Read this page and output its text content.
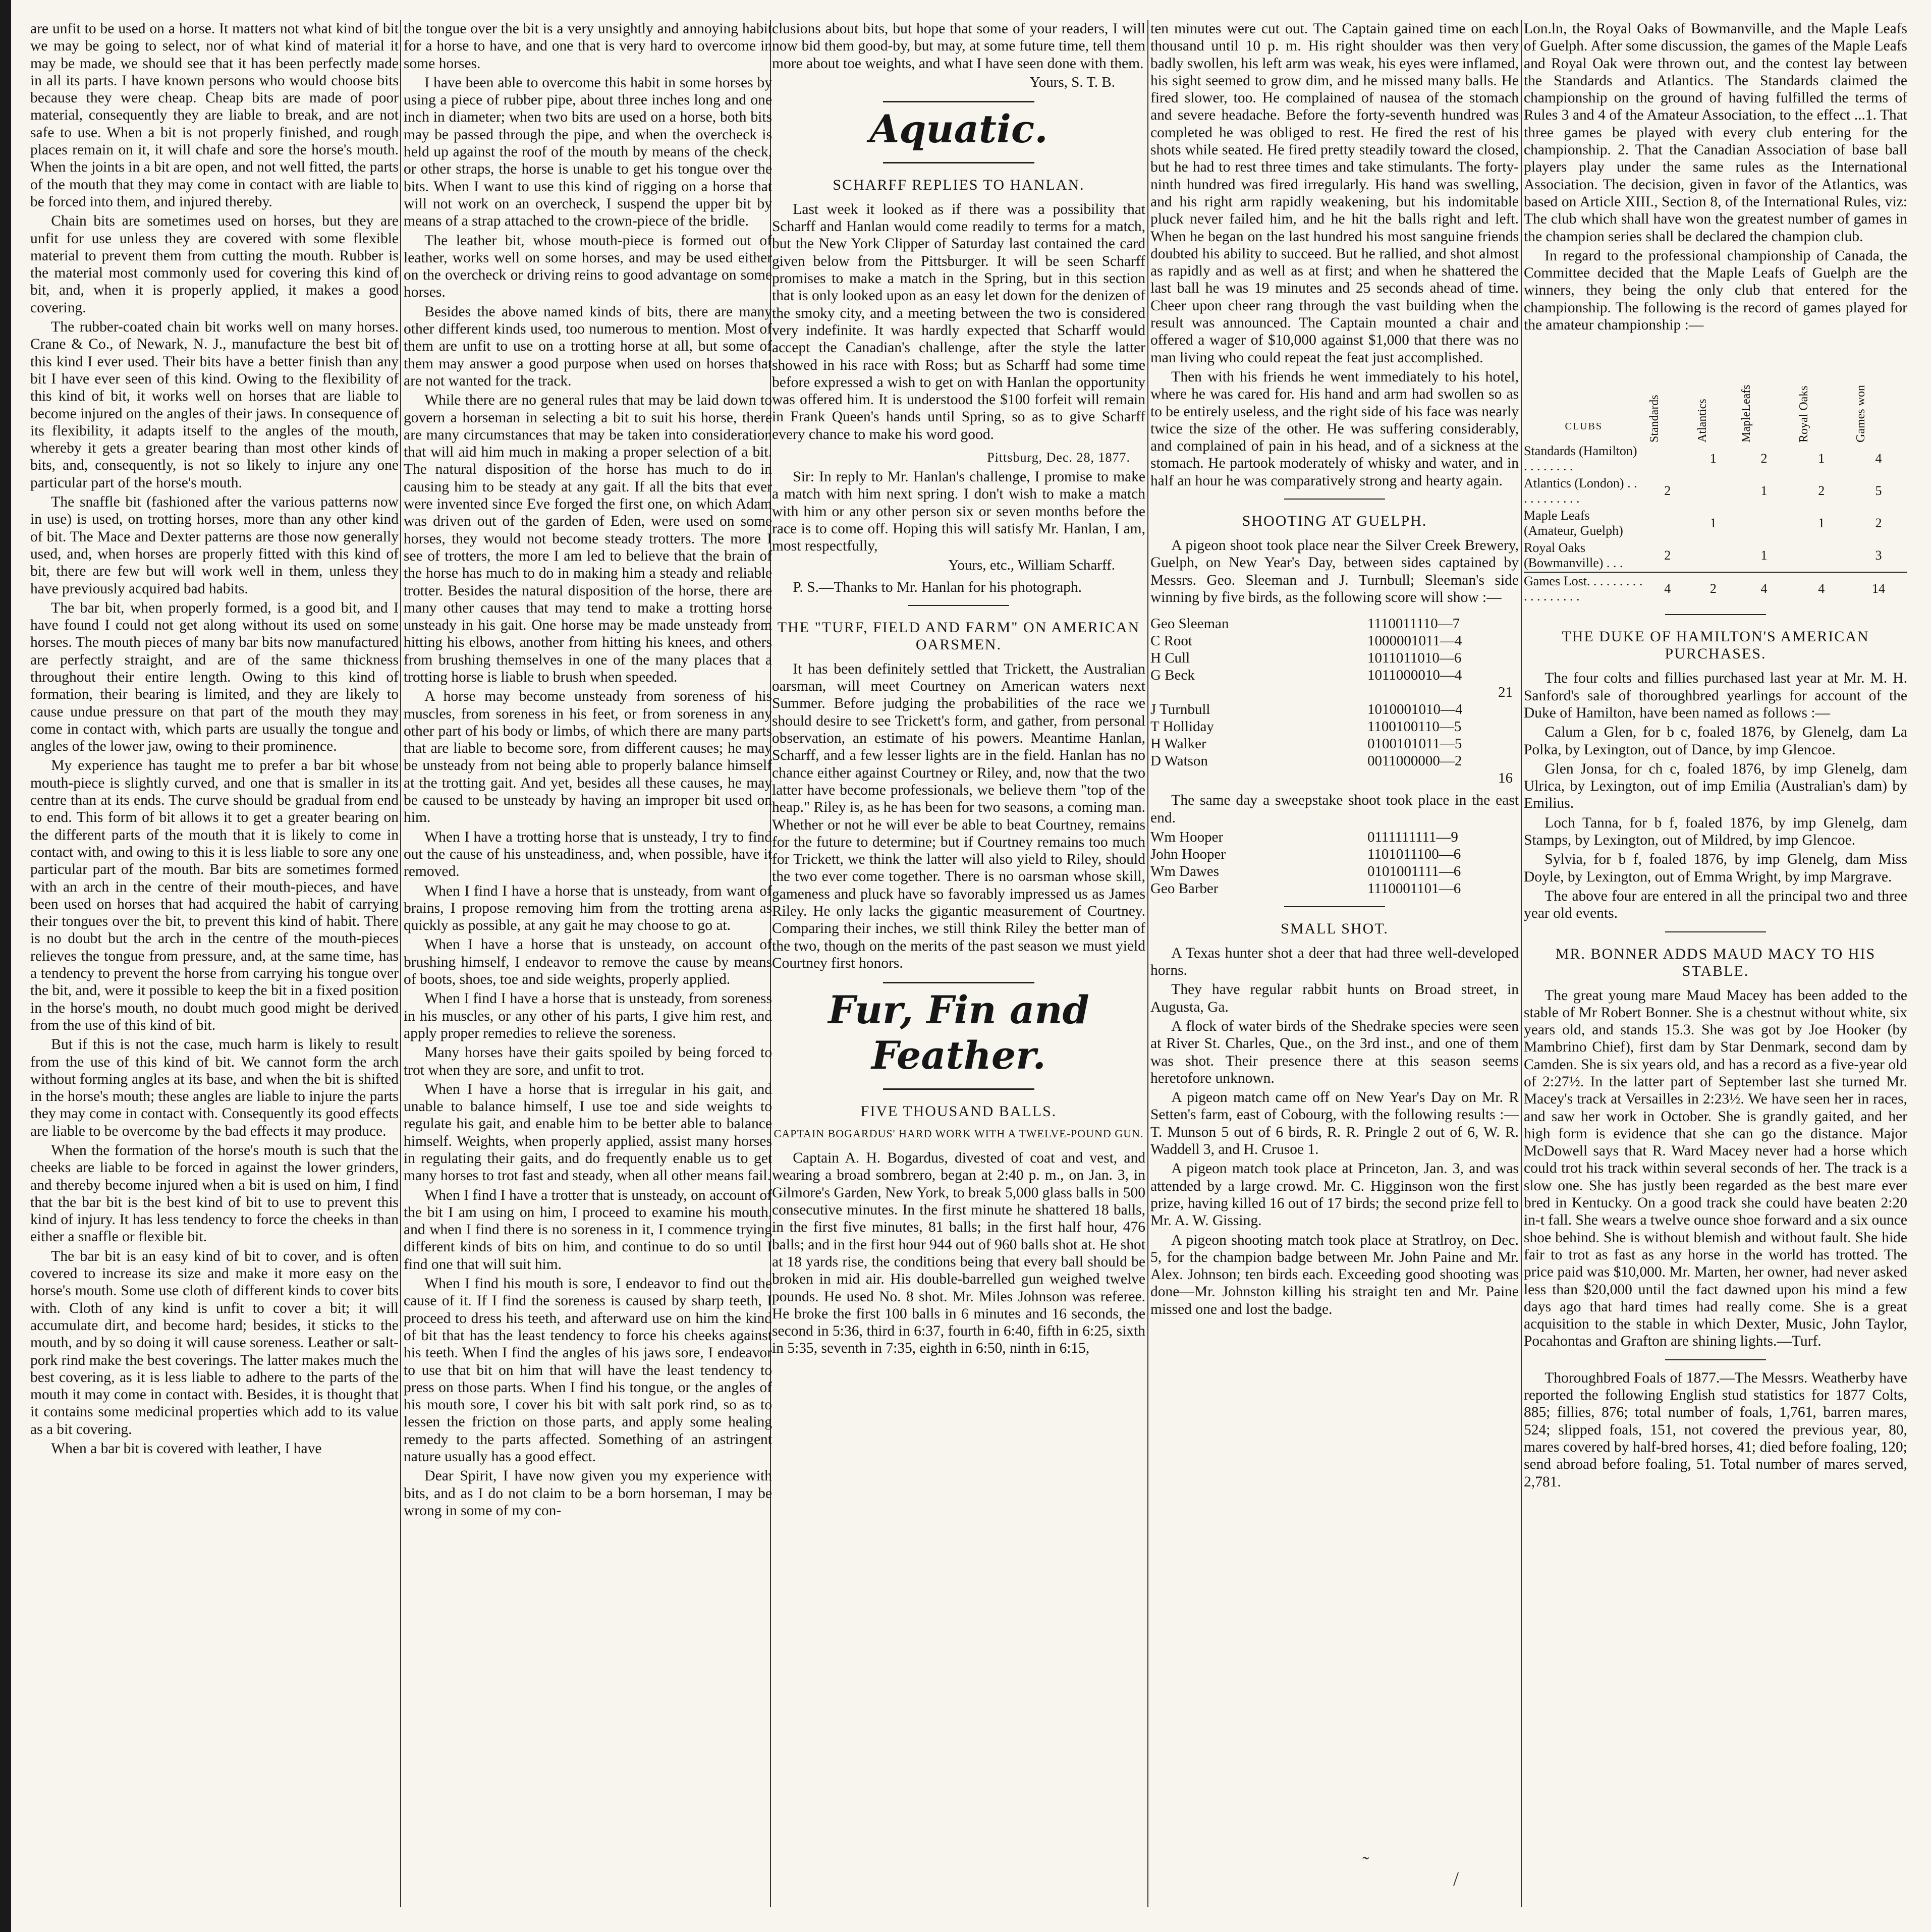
are unfit to be used on a horse. It matters not what kind of bit we may be going to select, nor of what kind of material it may be made, we should see that it has been perfectly made in all its parts. I have known persons who would choose bits because they were cheap. Cheap bits are made of poor material, consequently they are liable to break, and are not safe to use. When a bit is not properly finished, and rough places remain on it, it will chafe and sore the horse's mouth. When the joints in a bit are open, and not well fitted, the parts of the mouth that they may come in contact with are liable to be forced into them, and injured thereby.

Chain bits are sometimes used on horses, but they are unfit for use unless they are covered with some flexible material to prevent them from cutting the mouth. Rubber is the material most commonly used for covering this kind of bit, and, when it is properly applied, it makes a good covering.

The rubber-coated chain bit works well on many horses. Crane & Co., of Newark, N. J., manufacture the best bit of this kind I ever used. Their bits have a better finish than any bit I have ever seen of this kind. Owing to the flexibility of this kind of bit, it works well on horses that are liable to become injured on the angles of their jaws. In consequence of its flexibility, it adapts itself to the angles of the mouth, whereby it gets a greater bearing than most other kinds of bits, and, consequently, is not so likely to injure any one particular part of the horse's mouth.

The snaffle bit (fashioned after the various patterns now in use) is used, on trotting horses, more than any other kind of bit. The Mace and Dexter patterns are those now generally used, and, when horses are properly fitted with this kind of bit, there are few but will work well in them, unless they have previously acquired bad habits.

The bar bit, when properly formed, is a good bit, and I have found I could not get along without its used on some horses. The mouth pieces of many bar bits now manufactured are perfectly straight, and are of the same thickness throughout their entire length. Owing to this kind of formation, their bearing is limited, and they are likely to cause undue pressure on that part of the mouth they may come in contact with, which parts are usually the tongue and angles of the lower jaw, owing to their prominence.

My experience has taught me to prefer a bar bit whose mouth-piece is slightly curved, and one that is smaller in its centre than at its ends. The curve should be gradual from end to end. This form of bit allows it to get a greater bearing on the different parts of the mouth that it is likely to come in contact with, and owing to this it is less liable to sore any one particular part of the mouth. Bar bits are sometimes formed with an arch in the centre of their mouth-pieces, and have been used on horses that had acquired the habit of carrying their tongues over the bit, to prevent this kind of habit. There is no doubt but the arch in the centre of the mouth-pieces relieves the tongue from pressure, and, at the same time, has a tendency to prevent the horse from carrying his tongue over the bit, and, were it possible to keep the bit in a fixed position in the horse's mouth, no doubt much good might be derived from the use of this kind of bit.

But if this is not the case, much harm is likely to result from the use of this kind of bit. We cannot form the arch without forming angles at its base, and when the bit is shifted in the horse's mouth; these angles are liable to injure the parts they may come in contact with. Consequently its good effects are liable to be overcome by the bad effects it may produce.

When the formation of the horse's mouth is such that the cheeks are liable to be forced in against the lower grinders, and thereby become injured when a bit is used on him, I find that the bar bit is the best kind of bit to use to prevent this kind of injury. It has less tendency to force the cheeks in than either a snaffle or flexible bit.

The bar bit is an easy kind of bit to cover, and is often covered to increase its size and make it more easy on the horse's mouth. Some use cloth of different kinds to cover bits with. Cloth of any kind is unfit to cover a bit; it will accumulate dirt, and become hard; besides, it sticks to the mouth, and by so doing it will cause soreness. Leather or salt-pork rind make the best coverings. The latter makes much the best covering, as it is less liable to adhere to the parts of the mouth it may come in contact with. Besides, it is thought that it contains some medicinal properties which add to its value as a bit covering.

When a bar bit is covered with leather, I have

the tongue over the bit is a very unsightly and annoying habit for a horse to have, and one that is very hard to overcome in some horses.

I have been able to overcome this habit in some horses by using a piece of rubber pipe, about three inches long and one inch in diameter; when two bits are used on a horse, both bits may be passed through the pipe, and when the overcheck is held up against the roof of the mouth by means of the check, or other straps, the horse is unable to get his tongue over the bits. When I want to use this kind of rigging on a horse that will not work on an overcheck, I suspend the upper bit by means of a strap attached to the crown-piece of the bridle.

The leather bit, whose mouth-piece is formed out of leather, works well on some horses, and may be used either on the overcheck or driving reins to good advantage on some horses.

Besides the above named kinds of bits, there are many other different kinds used, too numerous to mention. Most of them are unfit to use on a trotting horse at all, but some of them may answer a good purpose when used on horses that are not wanted for the track.

While there are no general rules that may be laid down to govern a horseman in selecting a bit to suit his horse, there are many circumstances that may be taken into consideration that will aid him much in making a proper selection of a bit. The natural disposition of the horse has much to do in causing him to be steady at any gait. If all the bits that ever were invented since Eve forged the first one, on which Adam was driven out of the garden of Eden, were used on some horses, they would not become steady trotters. The more I see of trotters, the more I am led to believe that the brain of the horse has much to do in making him a steady and reliable trotter. Besides the natural disposition of the horse, there are many other causes that may tend to make a trotting horse unsteady in his gait. One horse may be made unsteady from hitting his elbows, another from hitting his knees, and others from brushing themselves in one of the many places that a trotting horse is liable to brush when speeded.

A horse may become unsteady from soreness of his muscles, from soreness in his feet, or from soreness in any other part of his body or limbs, of which there are many parts that are liable to become sore, from different causes; he may be unsteady from not being able to properly balance himself at the trotting gait. And yet, besides all these causes, he may be caused to be unsteady by having an improper bit used on him.

When I have a trotting horse that is unsteady, I try to find out the cause of his unsteadiness, and, when possible, have it removed.

When I find I have a horse that is unsteady, from want of brains, I propose removing him from the trotting arena as quickly as possible, at any gait he may choose to go at.

When I have a horse that is unsteady, on account of brushing himself, I endeavor to remove the cause by means of boots, shoes, toe and side weights, properly applied.

When I find I have a horse that is unsteady, from soreness in his muscles, or any other of his parts, I give him rest, and apply proper remedies to relieve the soreness.

Many horses have their gaits spoiled by being forced to trot when they are sore, and unfit to trot.

When I have a horse that is irregular in his gait, and unable to balance himself, I use toe and side weights to regulate his gait, and enable him to be better able to balance himself. Weights, when properly applied, assist many horses in regulating their gaits, and do frequently enable us to get many horses to trot fast and steady, when all other means fail.

When I find I have a trotter that is unsteady, on account of the bit I am using on him, I proceed to examine his mouth, and when I find there is no soreness in it, I commence trying different kinds of bits on him, and continue to do so until I find one that will suit him.

When I find his mouth is sore, I endeavor to find out the cause of it. If I find the soreness is caused by sharp teeth, I proceed to dress his teeth, and afterward use on him the kind of bit that has the least tendency to force his cheeks against his teeth. When I find the angles of his jaws sore, I endeavor to use that bit on him that will have the least tendency to press on those parts. When I find his tongue, or the angles of his mouth sore, I cover his bit with salt pork rind, so as to lessen the friction on those parts, and apply some healing remedy to the parts affected. Something of an astringent nature usually has a good effect.

Dear Spirit, I have now given you my experience with bits, and as I do not claim to be a born horseman, I may be wrong in some of my con-

clusions about bits, but hope that some of your readers, I will now bid them good-by, but may, at some future time, tell them more about toe weights, and what I have seen done with them.

Yours, S. T. B.
Aquatic.
SCHARFF REPLIES TO HANLAN.

Last week it looked as if there was a possibility that Scharff and Hanlan would come readily to terms for a match, but the New York Clipper of Saturday last contained the card given below from the Pittsburger. It will be seen Scharff promises to make a match in the Spring, but in this section that is only looked upon as an easy let down for the denizen of the smoky city, and a meeting between the two is considered very indefinite. It was hardly expected that Scharff would accept the Canadian's challenge, after the style the latter showed in his race with Ross; but as Scharff had some time before expressed a wish to get on with Hanlan the opportunity was offered him. It is understood the $100 forfeit will remain in Frank Queen's hands until Spring, so as to give Scharff every chance to make his word good.

Pittsburg, Dec. 28, 1877.

Sir: In reply to Mr. Hanlan's challenge, I promise to make a match with him next spring. I don't wish to make a match with him or any other person six or seven months before the race is to come off. Hoping this will satisfy Mr. Hanlan, I am, most respectfully,

Yours, etc., William Scharff.

P. S.—Thanks to Mr. Hanlan for his photograph.

THE "TURF, FIELD AND FARM" ON AMERICAN OARSMEN.

It has been definitely settled that Trickett, the Australian oarsman, will meet Courtney on American waters next Summer. Before judging the probabilities of the race we should desire to see Trickett's form, and gather, from personal observation, an estimate of his powers. Meantime Hanlan, Scharff, and a few lesser lights are in the field. Hanlan has no chance either against Courtney or Riley, and, now that the two latter have become professionals, we believe them "top of the heap." Riley is, as he has been for two seasons, a coming man. Whether or not he will ever be able to beat Courtney, remains for the future to determine; but if Courtney remains too much for Trickett, we think the latter will also yield to Riley, should the two ever come together. There is no oarsman whose skill, gameness and pluck have so favorably impressed us as James Riley. He only lacks the gigantic measurement of Courtney. Comparing their inches, we still think Riley the better man of the two, though on the merits of the past season we must yield Courtney first honors.

Fur, Fin and Feather.
FIVE THOUSAND BALLS.
CAPTAIN BOGARDUS' HARD WORK WITH A TWELVE-POUND GUN.

Captain A. H. Bogardus, divested of coat and vest, and wearing a broad sombrero, began at 2:40 p. m., on Jan. 3, in Gilmore's Garden, New York, to break 5,000 glass balls in 500 consecutive minutes. In the first minute he shattered 18 balls, in the first five minutes, 81 balls; in the first half hour, 476 balls; and in the first hour 944 out of 960 balls shot at. He shot at 18 yards rise, the conditions being that every ball should be broken in mid air. His double-barrelled gun weighed twelve pounds. He used No. 8 shot. Mr. Miles Johnson was referee. He broke the first 100 balls in 6 minutes and 16 seconds, the second in 5:36, third in 6:37, fourth in 6:40, fifth in 6:25, sixth in 5:35, seventh in 7:35, eighth in 6:50, ninth in 6:15,

ten minutes were cut out. The Captain gained time on each thousand until 10 p. m. His right shoulder was then very badly swollen, his left arm was weak, his eyes were inflamed, his sight seemed to grow dim, and he missed many balls. He fired slower, too. He complained of nausea of the stomach and severe headache. Before the forty-seventh hundred was completed he was obliged to rest. He fired the rest of his shots while seated. He fired pretty steadily toward the closed, but he had to rest three times and take stimulants. The forty-ninth hundred was fired irregularly. His hand was swelling, and his right arm rapidly weakening, but his indomitable pluck never failed him, and he hit the balls right and left. When he began on the last hundred his most sanguine friends doubted his ability to succeed. But he rallied, and shot almost as rapidly and as well as at first; and when he shattered the last ball he was 19 minutes and 25 seconds ahead of time. Cheer upon cheer rang through the vast building when the result was announced. The Captain mounted a chair and offered a wager of $10,000 against $1,000 that there was no man living who could repeat the feat just accomplished.

Then with his friends he went immediately to his hotel, where he was cared for. His hand and arm had swollen so as to be entirely useless, and the right side of his face was nearly twice the size of the other. He was suffering considerably, and complained of pain in his head, and of a sickness at the stomach. He partook moderately of whisky and water, and in half an hour he was comparatively strong and hearty again.

SHOOTING AT GUELPH.

A pigeon shoot took place near the Silver Creek Brewery, Guelph, on New Year's Day, between sides captained by Messrs. Geo. Sleeman and J. Turnbull; Sleeman's side winning by five birds, as the following score will show :—

Geo Sleeman	1110011110—7
C Root	1000001011—4
H Cull	1011011010—6
G Beck	1011000010—4
21
J Turnbull	1010001010—4
T Holliday	1100100110—5
H Walker	0100101011—5
D Watson	0011000000—2
16

The same day a sweepstake shoot took place in the east end.

Wm Hooper	0111111111—9
John Hooper	1101011100—6
Wm Dawes	0101001111—6
Geo Barber	1110001101—6
SMALL SHOT.

A Texas hunter shot a deer that had three well-developed horns.

They have regular rabbit hunts on Broad street, in Augusta, Ga.

A flock of water birds of the Shedrake species were seen at River St. Charles, Que., on the 3rd inst., and one of them was shot. Their presence there at this season seems heretofore unknown.

A pigeon match came off on New Year's Day on Mr. R Setten's farm, east of Cobourg, with the following results :—T. Munson 5 out of 6 birds, R. R. Pringle 2 out of 6, W. R. Waddell 3, and H. Crusoe 1.

A pigeon match took place at Princeton, Jan. 3, and was attended by a large crowd. Mr. C. Higginson won the first prize, having killed 16 out of 17 birds; the second prize fell to Mr. A. W. Gissing.

A pigeon shooting match took place at Stratlroy, on Dec. 5, for the champion badge between Mr. John Paine and Mr. Alex. Johnson; ten birds each. Exceeding good shooting was done—Mr. Johnston killing his straight ten and Mr. Paine missed one and lost the badge.

Lon.ln, the Royal Oaks of Bowmanville, and the Maple Leafs of Guelph. After some discussion, the games of the Maple Leafs and Royal Oak were thrown out, and the contest lay between the Standards and Atlantics. The Standards claimed the championship on the ground of having fulfilled the terms of Rules 3 and 4 of the Amateur Association, to the effect ...1. That three games be played with every club entering for the championship. 2. That the Canadian Association of base ball players play under the same rules as the International Association. The decision, given in favor of the Atlantics, was based on Article XIII., Section 8, of the International Rules, viz: The club which shall have won the greatest number of games in the champion series shall be declared the champion club.

In regard to the professional championship of Canada, the Committee decided that the Maple Leafs of Guelph are the winners, they being the only club that entered for the championship. The following is the record of games played for the amateur championship :—

CLUBS	Standards	Atlantics	MapleLeafs	Royal Oaks	Games won
Standards (Hamilton) . . . . . . . .		1	2	1	4
Atlantics (London) . . . . . . . . . . .	2		1	2	5
Maple Leafs (Amateur, Guelph)		1		1	2
Royal Oaks (Bowmanville) . . .	2		1		3
Games Lost. . . . . . . . . . . . . . . . . .	4	2	4	4	14
THE DUKE OF HAMILTON'S AMERICAN PURCHASES.

The four colts and fillies purchased last year at Mr. M. H. Sanford's sale of thoroughbred yearlings for account of the Duke of Hamilton, have been named as follows :—

Calum a Glen, for b c, foaled 1876, by Glenelg, dam La Polka, by Lexington, out of Dance, by imp Glencoe.

Glen Jonsa, for ch c, foaled 1876, by imp Glenelg, dam Ulrica, by Lexington, out of imp Emilia (Australian's dam) by Emilius.

Loch Tanna, for b f, foaled 1876, by imp Glenelg, dam Stamps, by Lexington, out of Mildred, by imp Glencoe.

Sylvia, for b f, foaled 1876, by imp Glenelg, dam Miss Doyle, by Lexington, out of Emma Wright, by imp Margrave.

The above four are entered in all the principal two and three year old events.

MR. BONNER ADDS MAUD MACY TO HIS STABLE.

The great young mare Maud Macey has been added to the stable of Mr Robert Bonner. She is a chestnut without white, six years old, and stands 15.3. She was got by Joe Hooker (by Mambrino Chief), first dam by Star Denmark, second dam by Camden. She is six years old, and has a record as a five-year old of 2:27½. In the latter part of September last she turned Mr. Macey's track at Versailles in 2:23½. We have seen her in races, and saw her work in October. She is grandly gaited, and her high form is evidence that she can go the distance. Major McDowell says that R. Ward Macey never had a horse which could trot his track within several seconds of her. The track is a slow one. She has justly been regarded as the best mare ever bred in Kentucky. On a good track she could have beaten 2:20 in-t fall. She wears a twelve ounce shoe forward and a six ounce shoe behind. She is without blemish and without fault. She hide fair to trot as fast as any horse in the world has trotted. The price paid was $10,000. Mr. Marten, her owner, had never asked less than $20,000 until the fact dawned upon his mind a few days ago that hard times had really come. She is a great acquisition to the stable in which Dexter, Music, John Taylor, Pocahontas and Grafton are shining lights.—Turf.

Thoroughbred Foals of 1877.—The Messrs. Weatherby have reported the following English stud statistics for 1877 Colts, 885; fillies, 876; total number of foals, 1,761, barren mares, 524; slipped foals, 151, not covered the previous year, 80, mares covered by half-bred horses, 41; died before foaling, 120; send abroad before foaling, 51. Total number of mares served, 2,781.

˜
/
